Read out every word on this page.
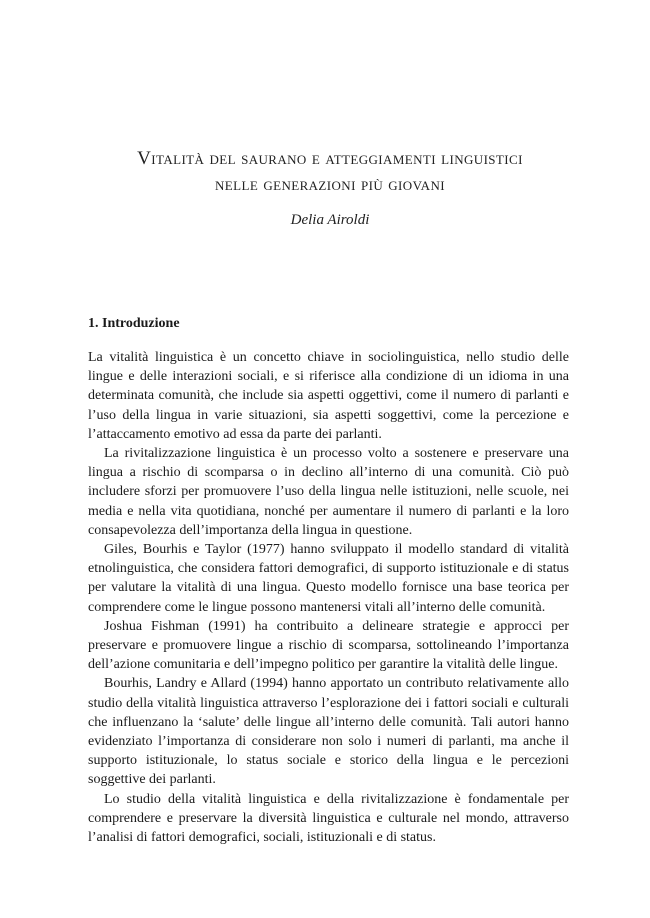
Vitalità del saurano e atteggiamenti linguistici
nelle generazioni più giovani
Delia Airoldi
1. Introduzione

La vitalità linguistica è un concetto chiave in sociolinguistica, nello studio delle lingue e delle interazioni sociali, e si riferisce alla condizione di un idioma in una determinata comunità, che include sia aspetti oggettivi, come il numero di parlanti e l’uso della lingua in varie situazioni, sia aspetti soggettivi, come la percezione e l’attaccamento emotivo ad essa da parte dei parlanti.

La rivitalizzazione linguistica è un processo volto a sostenere e preservare una lingua a rischio di scomparsa o in declino all’interno di una comunità. Ciò può includere sforzi per promuovere l’uso della lingua nelle istituzioni, nelle scuole, nei media e nella vita quotidiana, nonché per aumentare il numero di parlanti e la loro consapevolezza dell’importanza della lingua in questione.

Giles, Bourhis e Taylor (1977) hanno sviluppato il modello standard di vitalità etnolinguistica, che considera fattori demografici, di supporto istituzionale e di status per valutare la vitalità di una lingua. Questo modello fornisce una base teorica per comprendere come le lingue possono mantenersi vitali all’interno delle comunità.

Joshua Fishman (1991) ha contribuito a delineare strategie e approcci per preservare e promuovere lingue a rischio di scomparsa, sottolineando l’importanza dell’azione comunitaria e dell’impegno politico per garantire la vitalità delle lingue.

Bourhis, Landry e Allard (1994) hanno apportato un contributo relativamente allo studio della vitalità linguistica attraverso l’esplorazione dei i fattori sociali e culturali che influenzano la ‘salute’ delle lingue all’interno delle comunità. Tali autori hanno evidenziato l’importanza di considerare non solo i numeri di parlanti, ma anche il supporto istituzionale, lo status sociale e storico della lingua e le percezioni soggettive dei parlanti.

Lo studio della vitalità linguistica e della rivitalizzazione è fondamentale per comprendere e preservare la diversità linguistica e culturale nel mondo, attraverso l’analisi di fattori demografici, sociali, istituzionali e di status.
